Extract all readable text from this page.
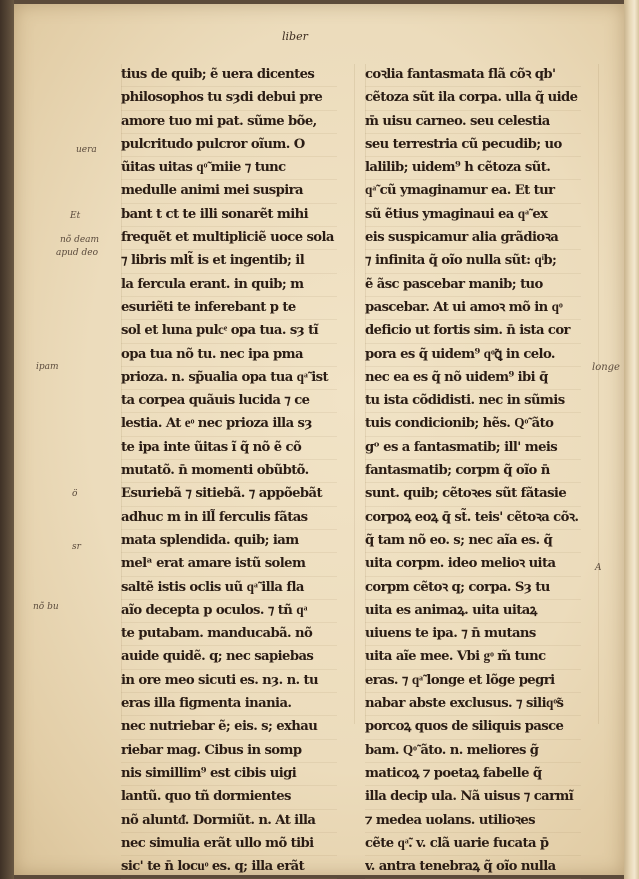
liber
tius de quib; ẽ uera dicentes
philosophos tu sȝdi debui pre
amore tuo mi pat. sũme bõe,
pulcritudo pulcror oĩum. O
ũitas uitas qͦ̃ miie ⁊ tunc
medulle animi mei suspira
bant t ct te illi sonarẽt mihi
frequẽt et multipliciẽ uoce sola
⁊ libris mlt̃ is et ingentib; il
la fercula erant. in quib; m
esuriẽti te inferebant p te
sol et luna pulcͤ opa tua. sȝ tĩ
opa tua nõ tu. nec ipa pma
prioza. n. sp̃ualia opa tua qͣ̃ ist
ta corpea quãuis lucida ⁊ ce
lestia. At eͦ nec prioza illa sȝ
te ipa inte ũitas ĩ q̃ nõ ẽ cõ
mutatõ. n̄ momenti obũbtõ.
Esuriebã ⁊ sitiebã. ⁊ appõebãt
adhuc m in ill̃ ferculis fãtas
mata splendida. quib; iam
melᵃ erat amare istũ solem
saltẽ istis oclis uũ qͣ̃ illa fla
aĩo decepta p oculos. ⁊ tñ qͣ
te putabam. manducabã. nõ
auide quidẽ. q; nec sapiebas
in ore meo sicuti es. nȝ. n. tu
eras illa figmenta inania.
nec nutriebar ẽ; eis. s; exhau
riebar mag. Cibus in somp
nis simillim⁹ est cibis uigi
lantũ. quo tñ dormientes
nõ aluntᵭ. Dormiũt. n. At illa
nec simulia erãt ullo mõ tibi
sic' te n̄ locuͦ es. q; illa erãt
coꝛlia fantasmata flã cõꝛ qb'
cẽtoza sũt ila corpa. ulla q̃ uide
m̄ uisu carneo. seu celestia
seu terrestria cũ pecudib; uo
lalilib; uidem⁹ h cẽtoza sũt.
qͣ̃ cũ ymaginamur ea. Et tur
sũ ẽtius ymaginaui ea qͣ̃ ex
eis suspicamur alia grãdioꝛa
⁊ infinita q̃ oĩo nulla sũt: qͥb;
ẽ ãsc pascebar manib; tuo
pascebar. At ui amoꝛ mõ in qͦ
deficio ut fortis sim. n̄ ista cor
pora es q̃ uidem⁹ qͦ̃ꝗ in celo.
nec ea es q̃ nõ uidem⁹ ibi q̄
tu ista cõdidisti. nec in sũmis
tuis condicionib; hẽs. Qͦ̃ ãto
gᵒ es a fantasmatib; ill' meis
fantasmatib; corpm q̃ oĩo n̄
sunt. quib; cẽtoꝛes sũt fãtasie
corpoꝝ eoꝝ q̄ st̃. teis' cẽtoꝛa cõꝛ.
q̃ tam nõ eo. s; nec aĩa es. q̃
uita corpm. ideo melioꝛ uita
corpm cẽtoꝛ q; corpa. Sȝ tu
uita es animaꝝ. uita uitaꝝ
uiuens te ipa. ⁊ n̄ mutans
uita aĩe mee. Vbi gͦ m̃ tunc
eras. ⁊ qͣ̃ longe et lõge pegri
nabar abste exclusus. ⁊ siliqͦ̃s
porcoꝝ quos de siliquis pasce
bam. Qͦ̃ ãto. n. meliores g̃
maticoꝝ ⁊ poetaꝝ fabelle q̃
illa decip ula. Nã uisus ⁊ carmĩ
⁊ medea uolans. utilioꝛes
cẽte qͣ̃. v. clã uarie fucata p̄
v. antra tenebraꝝ q̃ oĩo nulla
uera
Et
nõ deam
apud deo
ipam
ö
sr
nõ bu
longe
A
